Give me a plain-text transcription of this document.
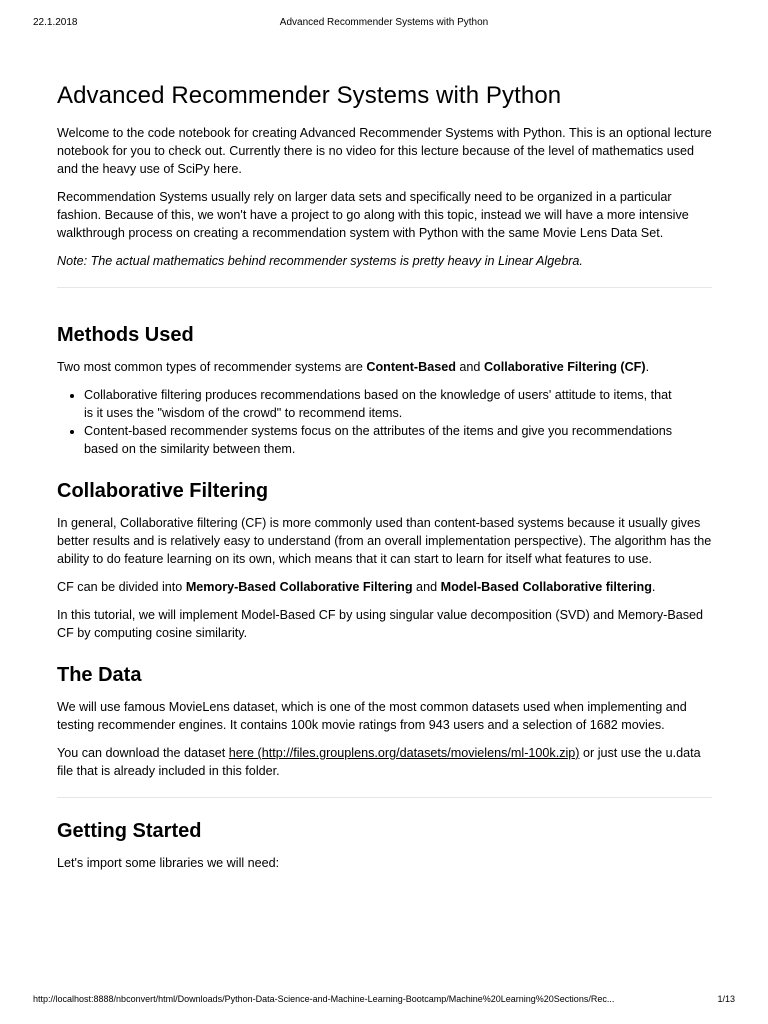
22.1.2018	Advanced Recommender Systems with Python
Advanced Recommender Systems with Python

Welcome to the code notebook for creating Advanced Recommender Systems with Python. This is an optional lecture notebook for you to check out. Currently there is no video for this lecture because of the level of mathematics used and the heavy use of SciPy here.

Recommendation Systems usually rely on larger data sets and specifically need to be organized in a particular fashion. Because of this, we won't have a project to go along with this topic, instead we will have a more intensive walkthrough process on creating a recommendation system with Python with the same Movie Lens Data Set.

Note: The actual mathematics behind recommender systems is pretty heavy in Linear Algebra.

Methods Used

Two most common types of recommender systems are Content-Based and Collaborative Filtering (CF).

• Collaborative filtering produces recommendations based on the knowledge of users' attitude to items, that is it uses the "wisdom of the crowd" to recommend items.
• Content-based recommender systems focus on the attributes of the items and give you recommendations based on the similarity between them.
Collaborative Filtering

In general, Collaborative filtering (CF) is more commonly used than content-based systems because it usually gives better results and is relatively easy to understand (from an overall implementation perspective). The algorithm has the ability to do feature learning on its own, which means that it can start to learn for itself what features to use.

CF can be divided into Memory-Based Collaborative Filtering and Model-Based Collaborative filtering.

In this tutorial, we will implement Model-Based CF by using singular value decomposition (SVD) and Memory-Based CF by computing cosine similarity.

The Data

We will use famous MovieLens dataset, which is one of the most common datasets used when implementing and testing recommender engines. It contains 100k movie ratings from 943 users and a selection of 1682 movies.

You can download the dataset here (http://files.grouplens.org/datasets/movielens/ml-100k.zip) or just use the u.data file that is already included in this folder.

Getting Started

Let's import some libraries we will need:

http://localhost:8888/nbconvert/html/Downloads/Python-Data-Science-and-Machine-Learning-Bootcamp/Machine%20Learning%20Sections/Rec...	1/13
